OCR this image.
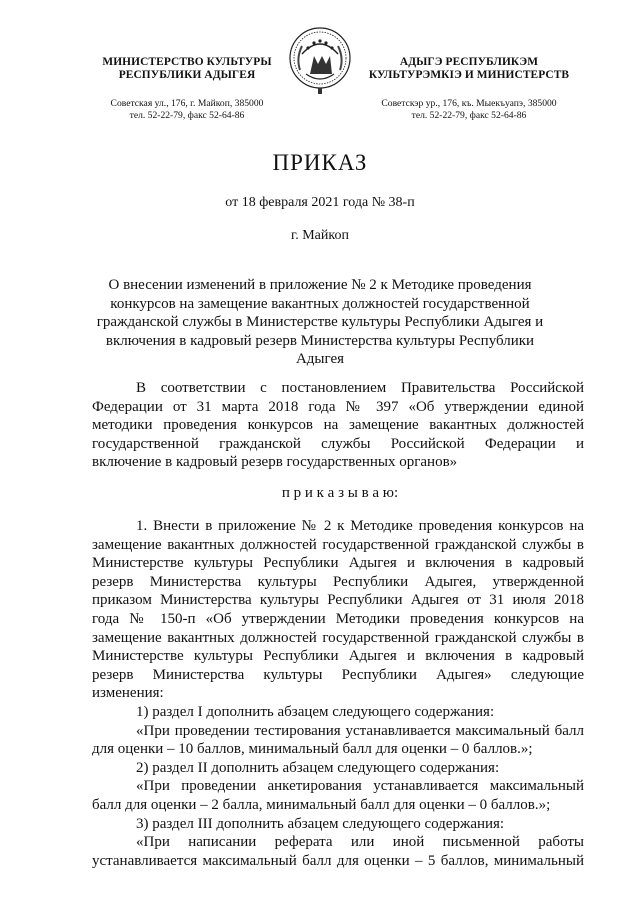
МИНИСТЕРСТВО КУЛЬТУРЫ
РЕСПУБЛИКИ АДЫГЕЯ
Советская ул., 176, г. Майкоп, 385000
тел. 52-22-79, факс 52-64-86
АДЫГЭ РЕСПУБЛИКЭМ
КУЛЬТУРЭМКIЭ И МИНИСТЕРСТВ
Советскэр ур., 176, къ. Мыекъуапэ, 385000
тел. 52-22-79, факс 52-64-86
ПРИКАЗ
от 18 февраля 2021 года № 38-п
г. Майкоп
О внесении изменений в приложение № 2 к Методике проведения
конкурсов на замещение вакантных должностей государственной
гражданской службы в Министерстве культуры Республики Адыгея и
включения в кадровый резерв Министерства культуры Республики Адыгея
В соответствии с постановлением Правительства Российской
Федерации от 31 марта 2018 года № 397 «Об утверждении единой
методики проведения конкурсов на замещение вакантных должностей
государственной гражданской службы Российской Федерации и
включение в кадровый резерв государственных органов»
п р и к а з ы в а ю:
1. Внести в приложение № 2 к Методике проведения конкурсов на
замещение вакантных должностей государственной гражданской службы в
Министерстве культуры Республики Адыгея и включения в кадровый
резерв Министерства культуры Республики Адыгея, утвержденной
приказом Министерства культуры Республики Адыгея от 31 июля 2018
года № 150-п «Об утверждении Методики проведения конкурсов на
замещение вакантных должностей государственной гражданской службы в
Министерстве культуры Республики Адыгея и включения в кадровый
резерв Министерства культуры Республики Адыгея» следующие
изменения:
1) раздел I дополнить абзацем следующего содержания:
«При проведении тестирования устанавливается максимальный балл
для оценки – 10 баллов, минимальный балл для оценки – 0 баллов.»;
2) раздел II дополнить абзацем следующего содержания:
«При проведении анкетирования устанавливается максимальный
балл для оценки – 2 балла, минимальный балл для оценки – 0 баллов.»;
3) раздел III дополнить абзацем следующего содержания:
«При написании реферата или иной письменной работы
устанавливается максимальный балл для оценки – 5 баллов, минимальный
